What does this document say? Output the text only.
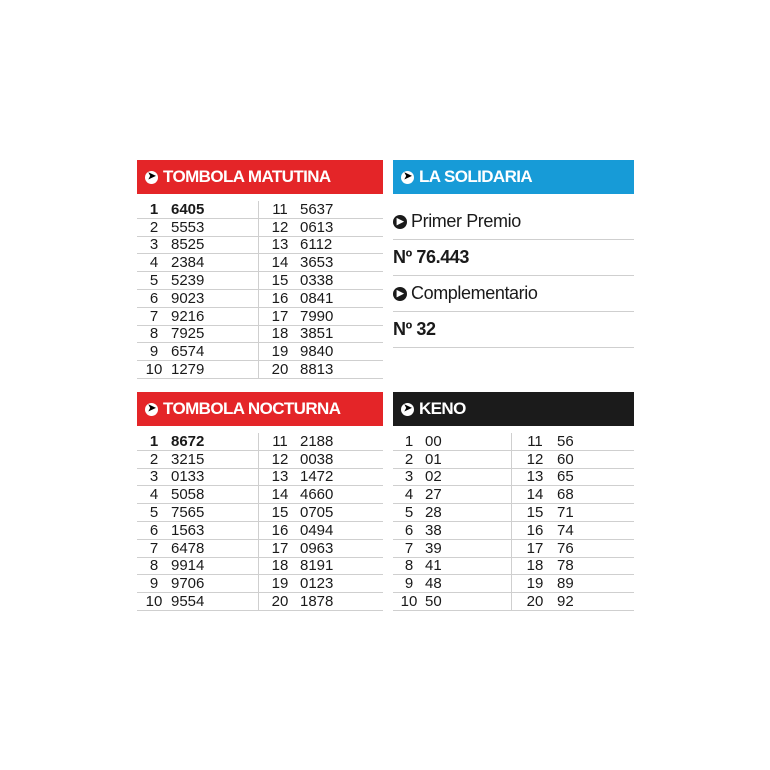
➤ TOMBOLA MATUTINA
1 6405
2 5553
3 8525
4 2384
5 5239
6 9023
7 9216
8 7925
9 6574
10 1279
11 5637
12 0613
13 6112
14 3653
15 0338
16 0841
17 7990
18 3851
19 9840
20 8813
➤ LA SOLIDARIA
▶ Primer Premio
Nº 76.443
▶ Complementario
Nº 32
➤ TOMBOLA NOCTURNA
1 8672
2 3215
3 0133
4 5058
5 7565
6 1563
7 6478
8 9914
9 9706
10 9554
11 2188
12 0038
13 1472
14 4660
15 0705
16 0494
17 0963
18 8191
19 0123
20 1878
➤ KENO
1 00
2 01
3 02
4 27
5 28
6 38
7 39
8 41
9 48
10 50
11 56
12 60
13 65
14 68
15 71
16 74
17 76
18 78
19 89
20 92
